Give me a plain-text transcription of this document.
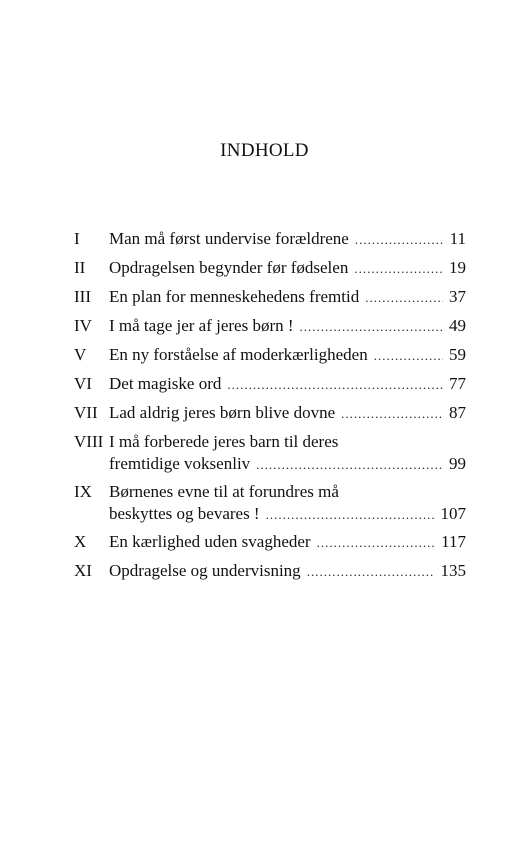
INDHOLD
I Man må først undervise forældrene .....	11
II Opdragelsen begynder før fødselen .....	19
III En plan for menneskehedens fremtid .....	37
IV I må tage jer af jeres børn ! .....	49
V En ny forståelse af moderkærligheden .....	59
VI Det magiske ord .....	77
VII Lad aldrig jeres børn blive dovne .....	87
VIII I må forberede jeres barn til deres
fremtidige voksenliv .....	99
IX Børnenes evne til at forundres må
beskyttes og bevares ! .....	107
X En kærlighed uden svagheder .....	117
XI Opdragelse og undervisning .....	135
